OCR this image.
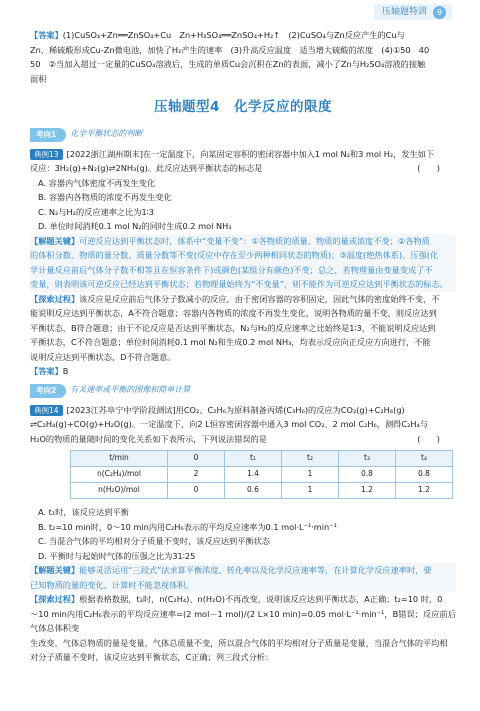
压轴题特训	9

【答案】(1)CuSO₄+Zn══ZnSO₄+Cu　Zn+H₂SO₄══ZnSO₄+H₂↑　(2)CuSO₄与Zn反应产生的Cu与

Zn、稀硫酸形成Cu-Zn微电池，加快了H₂产生的速率　(3)升高反应温度　适当增大硫酸的浓度　(4)①50　40

50　②当加入超过一定量的CuSO₄溶液后，生成的单质Cu会沉积在Zn的表面，减小了Zn与H₂SO₄溶液的接触

面积

压轴题型4 化学反应的限度
考向1	化学平衡状态的判断

典例13 [2022浙江湖州期末]在一定温度下，向某固定容积的密闭容器中加入1 mol N₂和3 mol H₂，发生如下

反应：3H₂(g)+N₂(g)⇌2NH₃(g)。此反应达到平衡状态的标志是	(　　)

A. 容器内气体密度不再发生变化

B. 容器内各物质的浓度不再发生变化

C. N₂与H₂的反应速率之比为1∶3

D. 单位时间消耗0.1 mol N₂的同时生成0.2 mol NH₃

【解题关键】可逆反应达到平衡状态时，体系中“变量不变”：①各物质的质量、物质的量或浓度不变；②各物质

的体积分数、物质的量分数、质量分数等不变(反应中存在至少两种相同状态的物质)；③温度(绝热体系)、压强(化

学计量反应前后气体分子数不相等且在恒容条件下)或颜色(某组分有颜色)不变；总之，若物理量由变量变成了不

变量，则表明该可逆反应已经达到平衡状态；若物理量始终为“不变量”，则不能作为可逆反应达到平衡状态的标志。

【探索过程】该反应是反应前后气体分子数减小的反应，由于密闭容器的容积固定，因此气体的密度始终不变，不

能说明反应达到平衡状态，A不符合题意；容器内各物质的浓度不再发生变化，说明各物质的量不变，则反应达到

平衡状态，B符合题意；由于不论反应是否达到平衡状态，N₂与H₂的反应速率之比始终是1∶3，不能说明反应达到

平衡状态，C不符合题意；单位时间消耗0.1 mol N₂和生成0.2 mol NH₃，均表示反应向正反应方向进行，不能

说明反应达到平衡状态，D不符合题意。

【答案】B

考向2	有关速率或平衡的图像和简单计算

典例14 [2023江苏阜宁中学阶段测试]用CO₂、C₂H₆为原料制备丙烯(C₃H₆)的反应为CO₂(g)+C₂H₆(g)

⇌C₂H₄(g)+CO(g)+H₂O(g)。一定温度下，向2 L恒容密闭容器中通入3 mol CO₂、2 mol C₂H₆，测得C₂H₄与

H₂O的物质的量随时间的变化关系如下表所示，下列说法错误的是	(　　)

t/min	0	t₁	t₂	t₃	t₄
n(C₂H₄)/mol	2	1.4	1	0.8	0.8
n(H₂O)/mol	0	0.6	1	1.2	1.2

A. t₁时，该反应达到平衡

B. t₂=10 min时，0～10 min内用C₂H₆表示的平均反应速率为0.1 mol·L⁻¹·min⁻¹

C. 当混合气体的平均相对分子质量不变时，该反应达到平衡状态

D. 平衡时与起始时气体的压强之比为31∶25

【解题关键】能够灵活运用“三段式”法求算平衡浓度、转化率以及化学反应速率等，在计算化学反应速率时，要

已知物质的量的变化，计算时不能忽视体积。

【探索过程】根据表格数据，t₃时，n(C₂H₄)、n(H₂O)不再改变，说明该反应达到平衡状态，A正确；t₂=10 时，0

～10 min内用C₂H₆表示的平均反应速率=(2 mol－1 mol)/(2 L×10 min)=0.05 mol·L⁻¹·min⁻¹，B错误；反应前后气体总体积变

生改变，气体总物质的量是变量，气体总质量不变，所以混合气体的平均相对分子质量是变量，当混合气体的平均相

对分子质量不变时，该反应达到平衡状态，C正确；列三段式分析：
